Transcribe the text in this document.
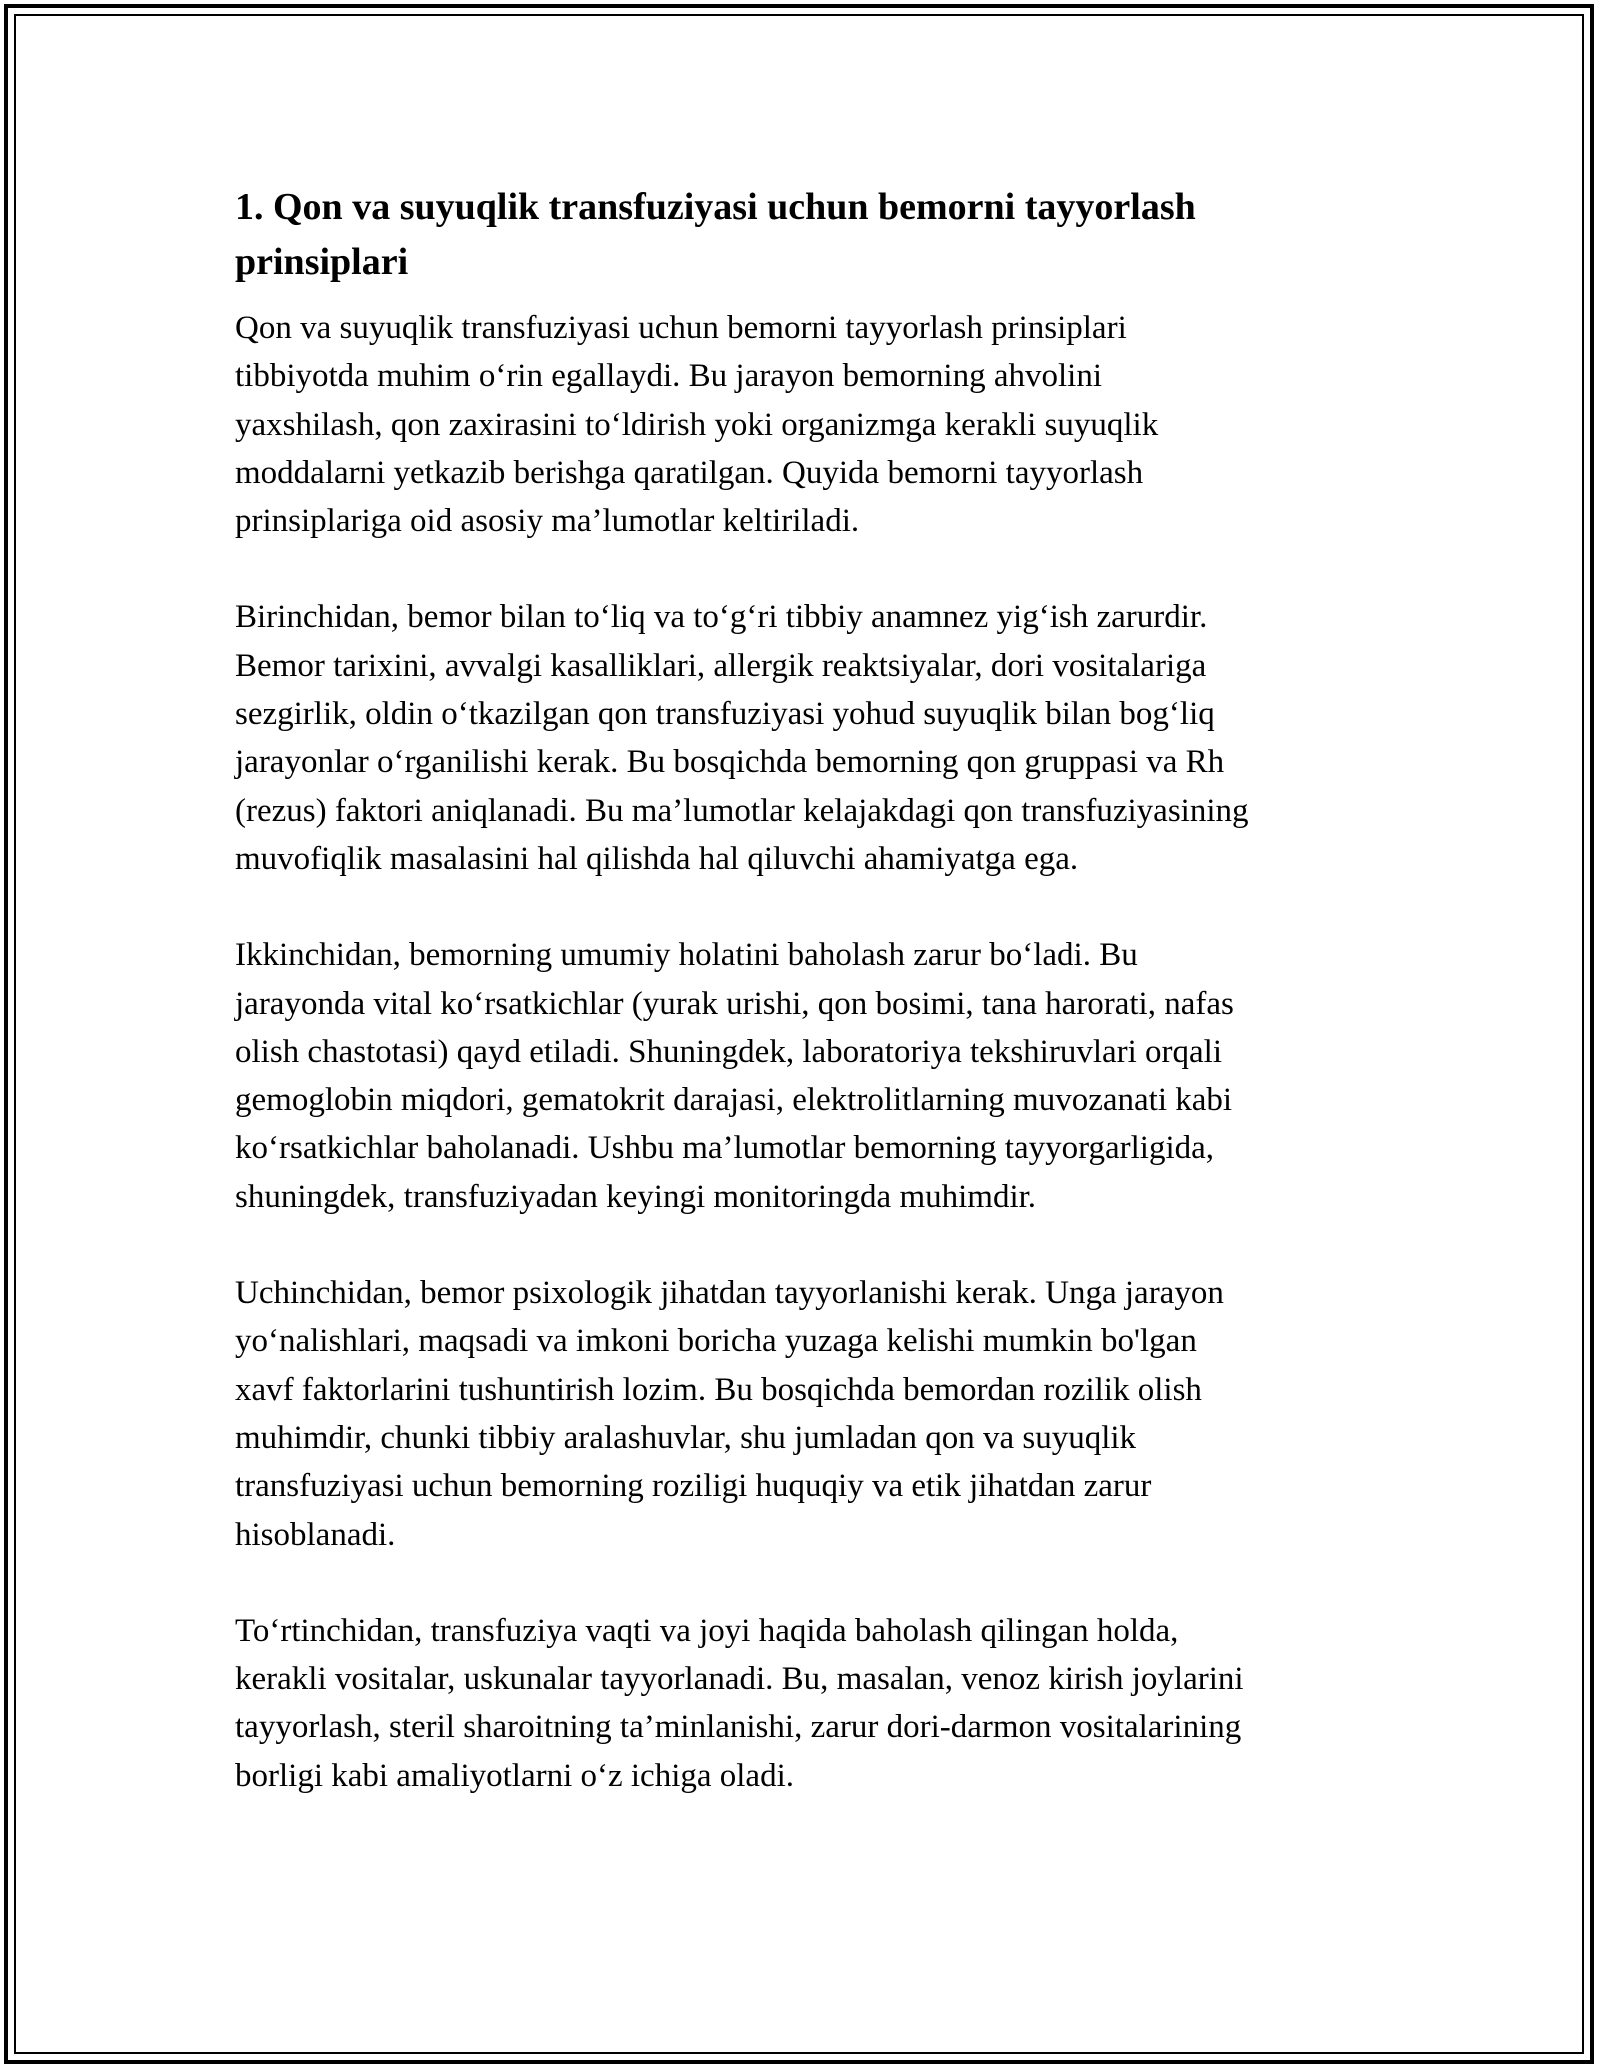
1. Qon va suyuqlik transfuziyasi uchun bemorni tayyorlash
prinsiplari

Qon va suyuqlik transfuziyasi uchun bemorni tayyorlash prinsiplari
tibbiyotda muhim o‘rin egallaydi. Bu jarayon bemorning ahvolini
yaxshilash, qon zaxirasini to‘ldirish yoki organizmga kerakli suyuqlik
moddalarni yetkazib berishga qaratilgan. Quyida bemorni tayyorlash
prinsiplariga oid asosiy ma’lumotlar keltiriladi.

Birinchidan, bemor bilan to‘liq va to‘g‘ri tibbiy anamnez yig‘ish zarurdir.
Bemor tarixini, avvalgi kasalliklari, allergik reaktsiyalar, dori vositalariga
sezgirlik, oldin o‘tkazilgan qon transfuziyasi yohud suyuqlik bilan bog‘liq
jarayonlar o‘rganilishi kerak. Bu bosqichda bemorning qon gruppasi va Rh
(rezus) faktori aniqlanadi. Bu ma’lumotlar kelajakdagi qon transfuziyasining
muvofiqlik masalasini hal qilishda hal qiluvchi ahamiyatga ega.

Ikkinchidan, bemorning umumiy holatini baholash zarur bo‘ladi. Bu
jarayonda vital ko‘rsatkichlar (yurak urishi, qon bosimi, tana harorati, nafas
olish chastotasi) qayd etiladi. Shuningdek, laboratoriya tekshiruvlari orqali
gemoglobin miqdori, gematokrit darajasi, elektrolitlarning muvozanati kabi
ko‘rsatkichlar baholanadi. Ushbu ma’lumotlar bemorning tayyorgarligida,
shuningdek, transfuziyadan keyingi monitoringda muhimdir.

Uchinchidan, bemor psixologik jihatdan tayyorlanishi kerak. Unga jarayon
yo‘nalishlari, maqsadi va imkoni boricha yuzaga kelishi mumkin bo'lgan
xavf faktorlarini tushuntirish lozim. Bu bosqichda bemordan rozilik olish
muhimdir, chunki tibbiy aralashuvlar, shu jumladan qon va suyuqlik
transfuziyasi uchun bemorning roziligi huquqiy va etik jihatdan zarur
hisoblanadi.

To‘rtinchidan, transfuziya vaqti va joyi haqida baholash qilingan holda,
kerakli vositalar, uskunalar tayyorlanadi. Bu, masalan, venoz kirish joylarini
tayyorlash, steril sharoitning ta’minlanishi, zarur dori-darmon vositalarining
borligi kabi amaliyotlarni o‘z ichiga oladi.
